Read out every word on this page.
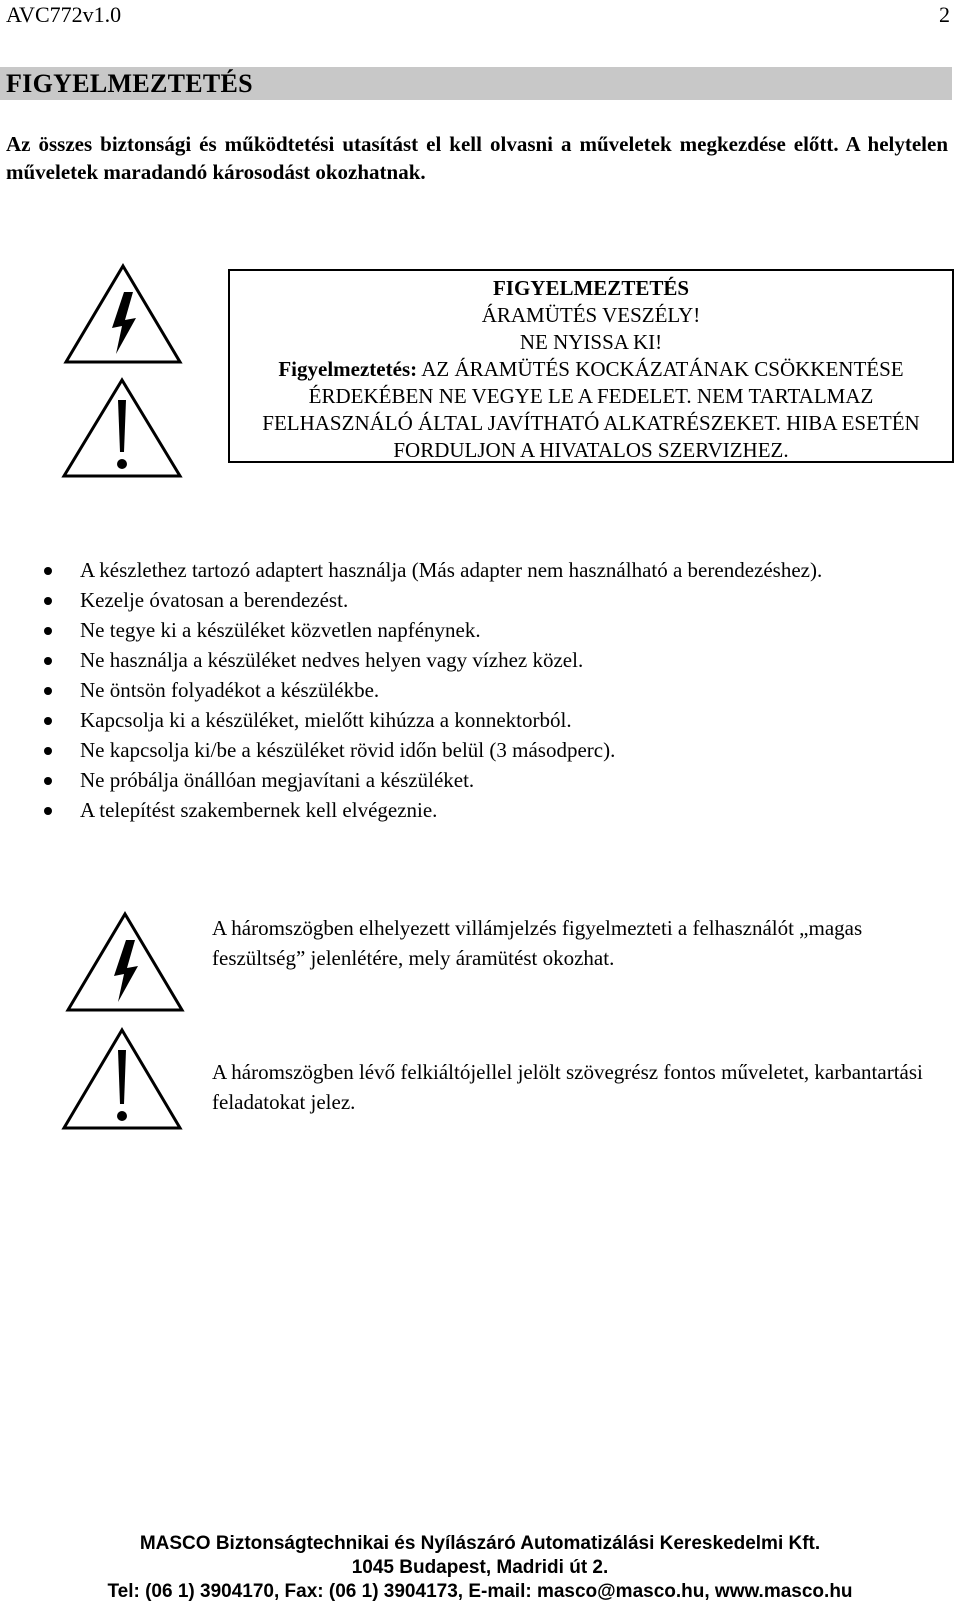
AVC772v1.0	2
FIGYELMEZTETÉS
Az összes biztonsági és működtetési utasítást el kell olvasni a műveletek megkezdése előtt. A helytelen műveletek maradandó károsodást okozhatnak.
FIGYELMEZTETÉS
ÁRAMÜTÉS VESZÉLY!
NE NYISSA KI!
Figyelmeztetés: AZ ÁRAMÜTÉS KOCKÁZATÁNAK CSÖKKENTÉSE ÉRDEKÉBEN NE VEGYE LE A FEDELET. NEM TARTALMAZ FELHASZNÁLÓ ÁLTAL JAVÍTHATÓ ALKATRÉSZEKET. HIBA ESETÉN FORDULJON A HIVATALOS SZERVIZHEZ.
A készlethez tartozó adaptert használja (Más adapter nem használható a berendezéshez).
Kezelje óvatosan a berendezést.
Ne tegye ki a készüléket közvetlen napfénynek.
Ne használja a készüléket nedves helyen vagy vízhez közel.
Ne öntsön folyadékot a készülékbe.
Kapcsolja ki a készüléket, mielőtt kihúzza a konnektorból.
Ne kapcsolja ki/be a készüléket rövid időn belül (3 másodperc).
Ne próbálja önállóan megjavítani a készüléket.
A telepítést szakembernek kell elvégeznie.
A háromszögben elhelyezett villámjelzés figyelmezteti a felhasználót „magas feszültség” jelenlétére, mely áramütést okozhat.
A háromszögben lévő felkiáltójellel jelölt szövegrész fontos műveletet, karbantartási feladatokat jelez.
MASCO Biztonságtechnikai és Nyílászáró Automatizálási Kereskedelmi Kft.
1045 Budapest, Madridi út 2.
Tel: (06 1) 3904170, Fax: (06 1) 3904173, E-mail: masco@masco.hu, www.masco.hu
